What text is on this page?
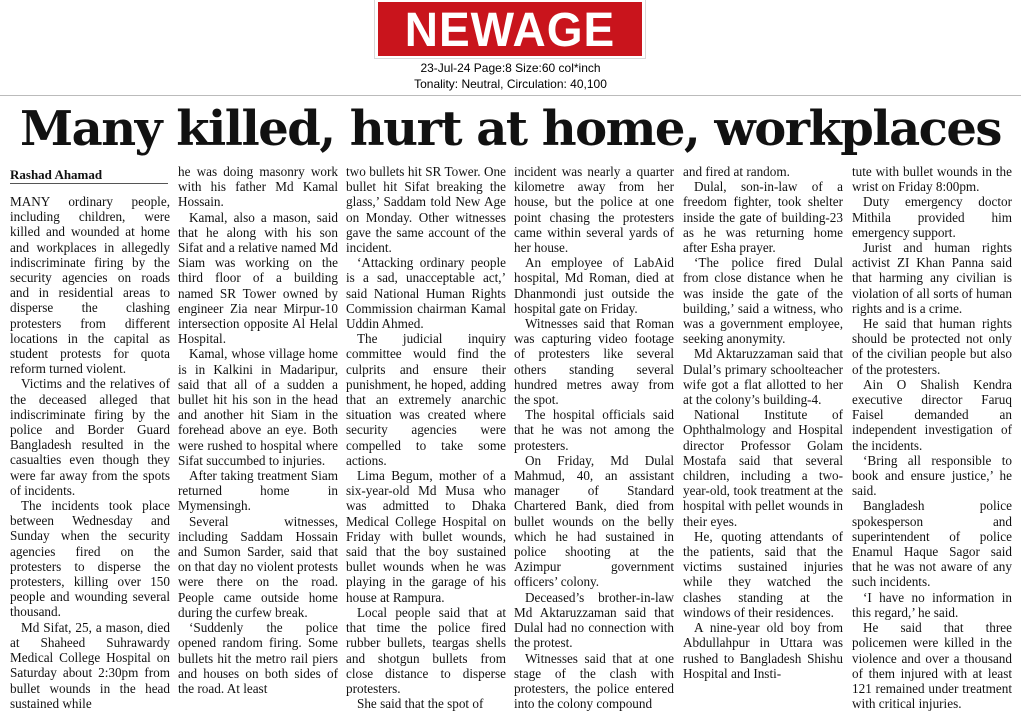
NEWAGE
23-Jul-24 Page:8 Size:60 col*inch
Tonality: Neutral, Circulation: 40,100
Many killed, hurt at home, workplaces
Rashad Ahamad

MANY ordinary people, including children, were killed and wounded at home and workplaces in allegedly indiscriminate firing by the security agencies on roads and in residential areas to disperse the clashing protesters from different locations in the capital as student protests for quota reform turned violent.

Victims and the relatives of the deceased alleged that indiscriminate firing by the police and Border Guard Bangladesh resulted in the casualties even though they were far away from the spots of incidents.

The incidents took place between Wednesday and Sunday when the security agencies fired on the protesters to disperse the protesters, killing over 150 people and wounding several thousand.

Md Sifat, 25, a mason, died at Shaheed Suhrawardy Medical College Hospital on Saturday about 2:30pm from bullet wounds in the head sustained while

he was doing masonry work with his father Md Kamal Hossain.

Kamal, also a mason, said that he along with his son Sifat and a relative named Md Siam was working on the third floor of a building named SR Tower owned by engineer Zia near Mirpur-10 intersection opposite Al Helal Hospital.

Kamal, whose village home is in Kalkini in Madaripur, said that all of a sudden a bullet hit his son in the head and another hit Siam in the forehead above an eye. Both were rushed to hospital where Sifat succumbed to injuries.

After taking treatment Siam returned home in Mymensingh.

Several witnesses, including Saddam Hossain and Sumon Sarder, said that on that day no violent protests were there on the road. People came outside home during the curfew break.

‘Suddenly the police opened random firing. Some bullets hit the metro rail piers and houses on both sides of the road. At least

two bullets hit SR Tower. One bullet hit Sifat breaking the glass,’ Saddam told New Age on Monday. Other witnesses gave the same account of the incident.

‘Attacking ordinary people is a sad, unacceptable act,’ said National Human Rights Commission chairman Kamal Uddin Ahmed.

The judicial inquiry committee would find the culprits and ensure their punishment, he hoped, adding that an extremely anarchic situation was created where security agencies were compelled to take some actions.

Lima Begum, mother of a six-year-old Md Musa who was admitted to Dhaka Medical College Hospital on Friday with bullet wounds, said that the boy sustained bullet wounds when he was playing in the garage of his house at Rampura.

Local people said that at that time the police fired rubber bullets, teargas shells and shotgun bullets from close distance to disperse protesters.

She said that the spot of

incident was nearly a quarter kilometre away from her house, but the police at one point chasing the protesters came within several yards of her house.

An employee of LabAid hospital, Md Roman, died at Dhanmondi just outside the hospital gate on Friday.

Witnesses said that Roman was capturing video footage of protesters like several others standing several hundred metres away from the spot.

The hospital officials said that he was not among the protesters.

On Friday, Md Dulal Mahmud, 40, an assistant manager of Standard Chartered Bank, died from bullet wounds on the belly which he had sustained in police shooting at the Azimpur government officers’ colony.

Deceased’s brother-in-law Md Aktaruzzaman said that Dulal had no connection with the protest.

Witnesses said that at one stage of the clash with protesters, the police entered into the colony compound

and fired at random.

Dulal, son-in-law of a freedom fighter, took shelter inside the gate of building-23 as he was returning home after Esha prayer.

‘The police fired Dulal from close distance when he was inside the gate of the building,’ said a witness, who was a government employee, seeking anonymity.

Md Aktaruzzaman said that Dulal’s primary schoolteacher wife got a flat allotted to her at the colony’s building-4.

National Institute of Ophthalmology and Hospital director Professor Golam Mostafa said that several children, including a two-year-old, took treatment at the hospital with pellet wounds in their eyes.

He, quoting attendants of the patients, said that the victims sustained injuries while they watched the clashes standing at the windows of their residences.

A nine-year old boy from Abdullahpur in Uttara was rushed to Bangladesh Shishu Hospital and Insti-

tute with bullet wounds in the wrist on Friday 8:00pm.

Duty emergency doctor Mithila provided him emergency support.

Jurist and human rights activist ZI Khan Panna said that harming any civilian is violation of all sorts of human rights and is a crime.

He said that human rights should be protected not only of the civilian people but also of the protesters.

Ain O Shalish Kendra executive director Faruq Faisel demanded an independent investigation of the incidents.

‘Bring all responsible to book and ensure justice,’ he said.

Bangladesh police spokesperson and superintendent of police Enamul Haque Sagor said that he was not aware of any such incidents.

‘I have no information in this regard,’ he said.

He said that three policemen were killed in the violence and over a thousand of them injured with at least 121 remained under treatment with critical injuries.
